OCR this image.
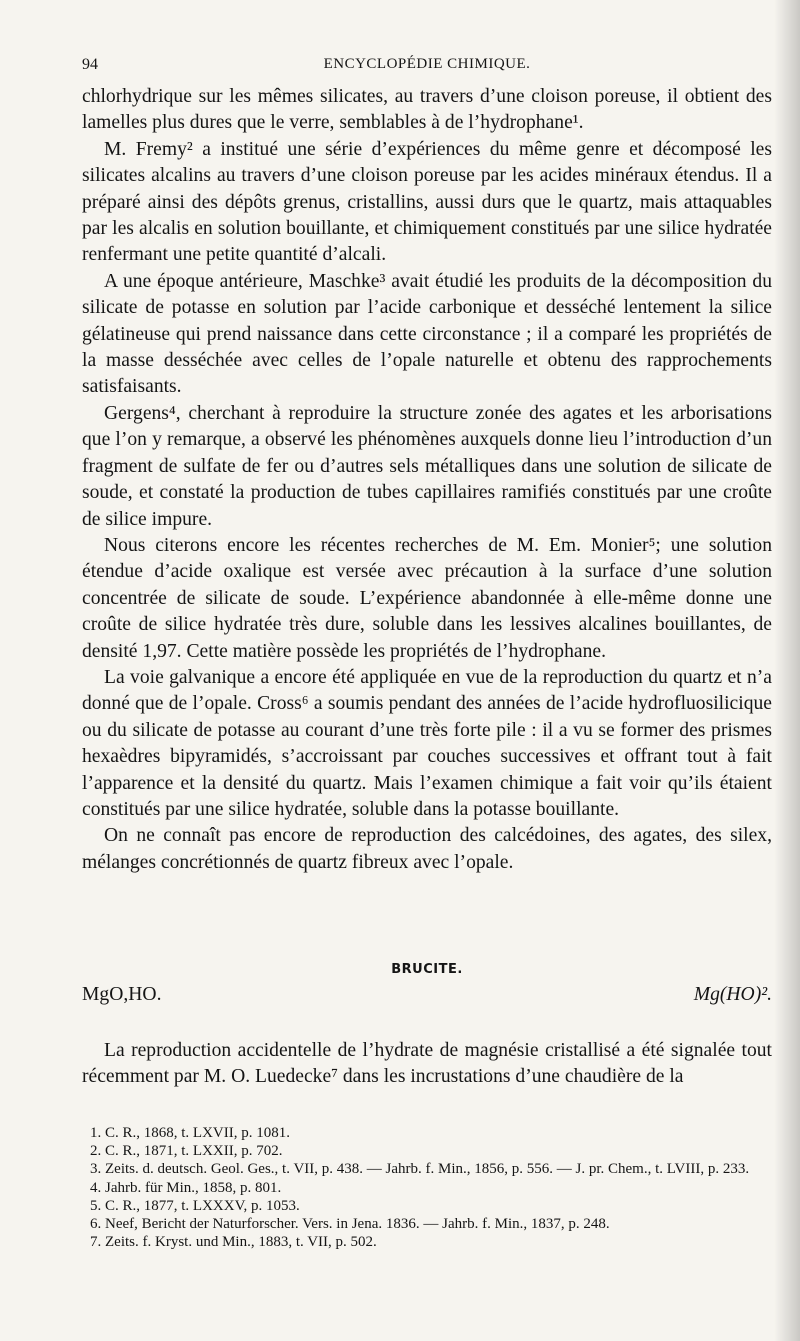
94	ENCYCLOPÉDIE CHIMIQUE.

chlorhydrique sur les mêmes silicates, au travers d’une cloison poreuse, il obtient des lamelles plus dures que le verre, semblables à de l’hydrophane¹.

M. Fremy² a institué une série d’expériences du même genre et décomposé les silicates alcalins au travers d’une cloison poreuse par les acides minéraux étendus. Il a préparé ainsi des dépôts grenus, cristallins, aussi durs que le quartz, mais attaquables par les alcalis en solution bouillante, et chimiquement constitués par une silice hydratée renfermant une petite quantité d’alcali.

A une époque antérieure, Maschke³ avait étudié les produits de la décomposition du silicate de potasse en solution par l’acide carbonique et desséché lentement la silice gélatineuse qui prend naissance dans cette circonstance ; il a comparé les propriétés de la masse desséchée avec celles de l’opale naturelle et obtenu des rapprochements satisfaisants.

Gergens⁴, cherchant à reproduire la structure zonée des agates et les arborisations que l’on y remarque, a observé les phénomènes auxquels donne lieu l’introduction d’un fragment de sulfate de fer ou d’autres sels métalliques dans une solution de silicate de soude, et constaté la production de tubes capillaires ramifiés constitués par une croûte de silice impure.

Nous citerons encore les récentes recherches de M. Em. Monier⁵; une solution étendue d’acide oxalique est versée avec précaution à la surface d’une solution concentrée de silicate de soude. L’expérience abandonnée à elle-même donne une croûte de silice hydratée très dure, soluble dans les lessives alcalines bouillantes, de densité 1,97. Cette matière possède les propriétés de l’hydrophane.

La voie galvanique a encore été appliquée en vue de la reproduction du quartz et n’a donné que de l’opale. Cross⁶ a soumis pendant des années de l’acide hydrofluosilicique ou du silicate de potasse au courant d’une très forte pile : il a vu se former des prismes hexaèdres bipyramidés, s’accroissant par couches successives et offrant tout à fait l’apparence et la densité du quartz. Mais l’examen chimique a fait voir qu’ils étaient constitués par une silice hydratée, soluble dans la potasse bouillante.

On ne connaît pas encore de reproduction des calcédoines, des agates, des silex, mélanges concrétionnés de quartz fibreux avec l’opale.

BRUCITE.
MgO,HO.	Mg(HO)².

La reproduction accidentelle de l’hydrate de magnésie cristallisé a été signalée tout récemment par M. O. Luedecke⁷ dans les incrustations d’une chaudière de la

1. C. R., 1868, t. LXVII, p. 1081.

2. C. R., 1871, t. LXXII, p. 702.

3. Zeits. d. deutsch. Geol. Ges., t. VII, p. 438. — Jahrb. f. Min., 1856, p. 556. — J. pr. Chem., t. LVIII, p. 233.

4. Jahrb. für Min., 1858, p. 801.

5. C. R., 1877, t. LXXXV, p. 1053.

6. Neef, Bericht der Naturforscher. Vers. in Jena. 1836. — Jahrb. f. Min., 1837, p. 248.

7. Zeits. f. Kryst. und Min., 1883, t. VII, p. 502.
